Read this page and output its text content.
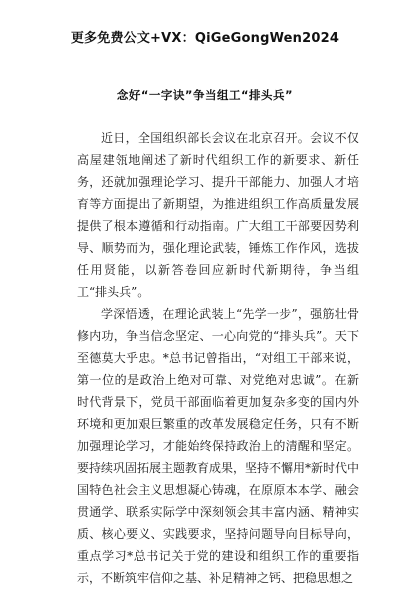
更多免费公文+VX：QiGeGongWen2024
念好“一字诀”争当组工“排头兵”

近日，全国组织部长会议在北京召开。会议不仅高屋建瓴地阐述了新时代组织工作的新要求、新任务，还就加强理论学习、提升干部能力、加强人才培育等方面提出了新期望，为推进组织工作高质量发展提供了根本遵循和行动指南。广大组工干部要因势利导、顺势而为，强化理论武装，锤炼工作作风，选拔任用贤能，以新答卷回应新时代新期待，争当组工“排头兵”。

学深悟透，在理论武装上“先学一步”，强筋壮骨修内功，争当信念坚定、一心向党的“排头兵”。天下至德莫大乎忠。*总书记曾指出，“对组工干部来说，第一位的是政治上绝对可靠、对党绝对忠诚”。在新时代背景下，党员干部面临着更加复杂多变的国内外环境和更加艰巨繁重的改革发展稳定任务，只有不断加强理论学习，才能始终保持政治上的清醒和坚定。要持续巩固拓展主题教育成果，坚持不懈用*新时代中国特色社会主义思想凝心铸魂，在原原本本学、融会贯通学、联系实际学中深刻领会其丰富内涵、精神实质、核心要义、实践要求，坚持问题导向目标导向，重点学习*总书记关于党的建设和组织工作的重要指示，不断筑牢信仰之基、补足精神之钙、把稳思想之
